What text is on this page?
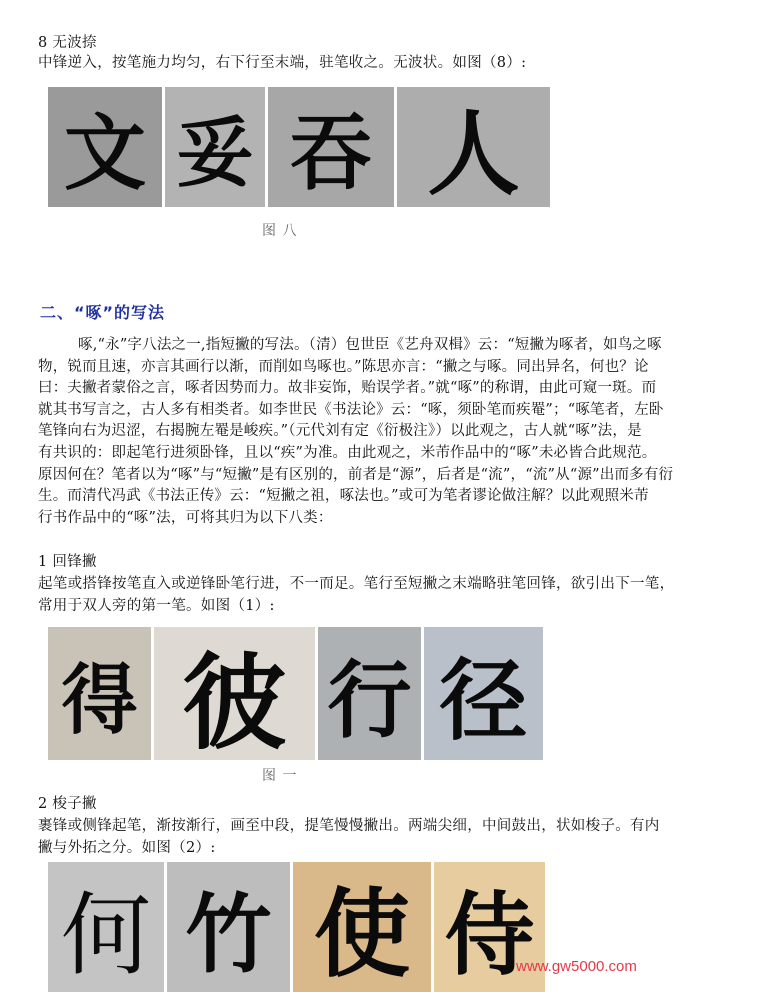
8 无波捺
中锋逆入，按笔施力均匀，右下行至末端，驻笔收之。无波状。如图（8）:
文 妥 吞 人
图 八
二、“啄”的写法
啄,“永”字八法之一,指短撇的写法。（清）包世臣《艺舟双楫》云：“短撇为啄者，如鸟之啄
物，锐而且速，亦言其画行以渐，而削如鸟啄也。”陈思亦言：“撇之与啄。同出异名，何也？论
曰：夫撇者蒙俗之言，啄者因势而力。故非妄饰，贻误学者。”就“啄”的称谓，由此可窥一斑。而
就其书写言之，古人多有相类者。如李世民《书法论》云：“啄，须卧笔而疾罨”；“啄笔者，左卧
笔锋向右为迟涩，右揭腕左罨是峻疾。”（元代刘有定《衍极注》）以此观之，古人就“啄”法，是
有共识的：即起笔行进须卧锋，且以“疾”为准。由此观之，米芾作品中的“啄”未必皆合此规范。
原因何在？笔者以为“啄”与“短撇”是有区别的，前者是“源”，后者是“流”，“流”从“源”出而多有衍
生。而清代冯武《书法正传》云：“短撇之祖，啄法也。”或可为笔者谬论做注解？以此观照米芾
行书作品中的“啄”法，可将其归为以下八类：
1 回锋撇
起笔或搭锋按笔直入或逆锋卧笔行进，不一而足。笔行至短撇之末端略驻笔回锋，欲引出下一笔，
常用于双人旁的第一笔。如图（1）:
得 彼 行 径
图 一
2 梭子撇
裹锋或侧锋起笔，渐按渐行，画至中段，提笔慢慢撇出。两端尖细，中间鼓出，状如梭子。有内
撇与外拓之分。如图（2）:
何 竹 使 侍
www.gw5000.com
